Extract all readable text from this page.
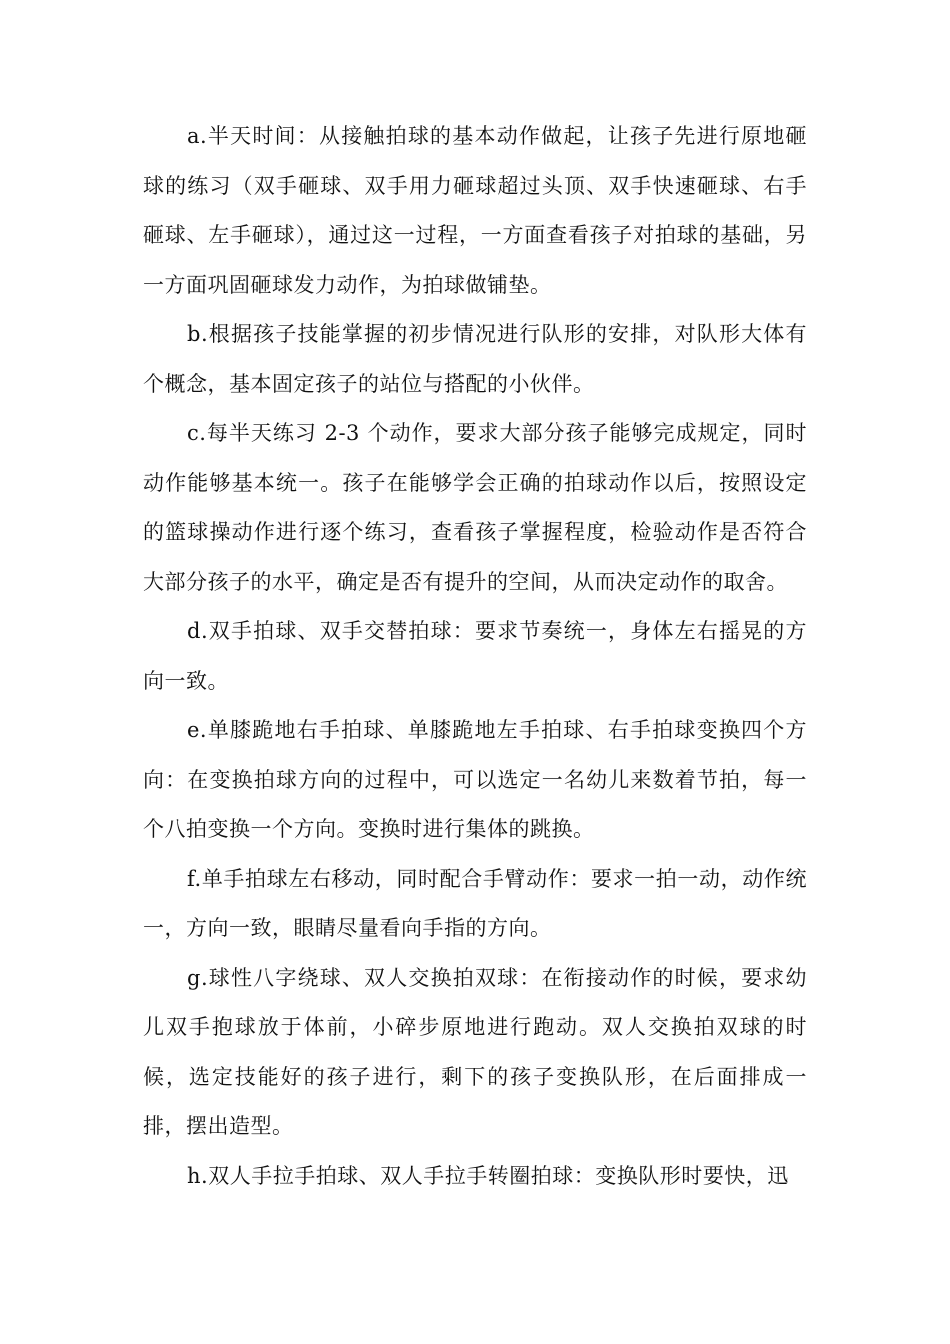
a.半天时间：从接触拍球的基本动作做起，让孩子先进行原地砸球的练习（双手砸球、双手用力砸球超过头顶、双手快速砸球、右手砸球、左手砸球），通过这一过程，一方面查看孩子对拍球的基础，另一方面巩固砸球发力动作，为拍球做铺垫。

b.根据孩子技能掌握的初步情况进行队形的安排，对队形大体有个概念，基本固定孩子的站位与搭配的小伙伴。

c.每半天练习 2-3 个动作，要求大部分孩子能够完成规定，同时动作能够基本统一。孩子在能够学会正确的拍球动作以后，按照设定的篮球操动作进行逐个练习，查看孩子掌握程度，检验动作是否符合大部分孩子的水平，确定是否有提升的空间，从而决定动作的取舍。

d.双手拍球、双手交替拍球：要求节奏统一，身体左右摇晃的方向一致。

e.单膝跪地右手拍球、单膝跪地左手拍球、右手拍球变换四个方向：在变换拍球方向的过程中，可以选定一名幼儿来数着节拍，每一个八拍变换一个方向。变换时进行集体的跳换。

f.单手拍球左右移动，同时配合手臂动作：要求一拍一动，动作统一，方向一致，眼睛尽量看向手指的方向。

g.球性八字绕球、双人交换拍双球：在衔接动作的时候，要求幼儿双手抱球放于体前，小碎步原地进行跑动。双人交换拍双球的时候，选定技能好的孩子进行，剩下的孩子变换队形，在后面排成一排，摆出造型。

h.双人手拉手拍球、双人手拉手转圈拍球：变换队形时要快，迅
